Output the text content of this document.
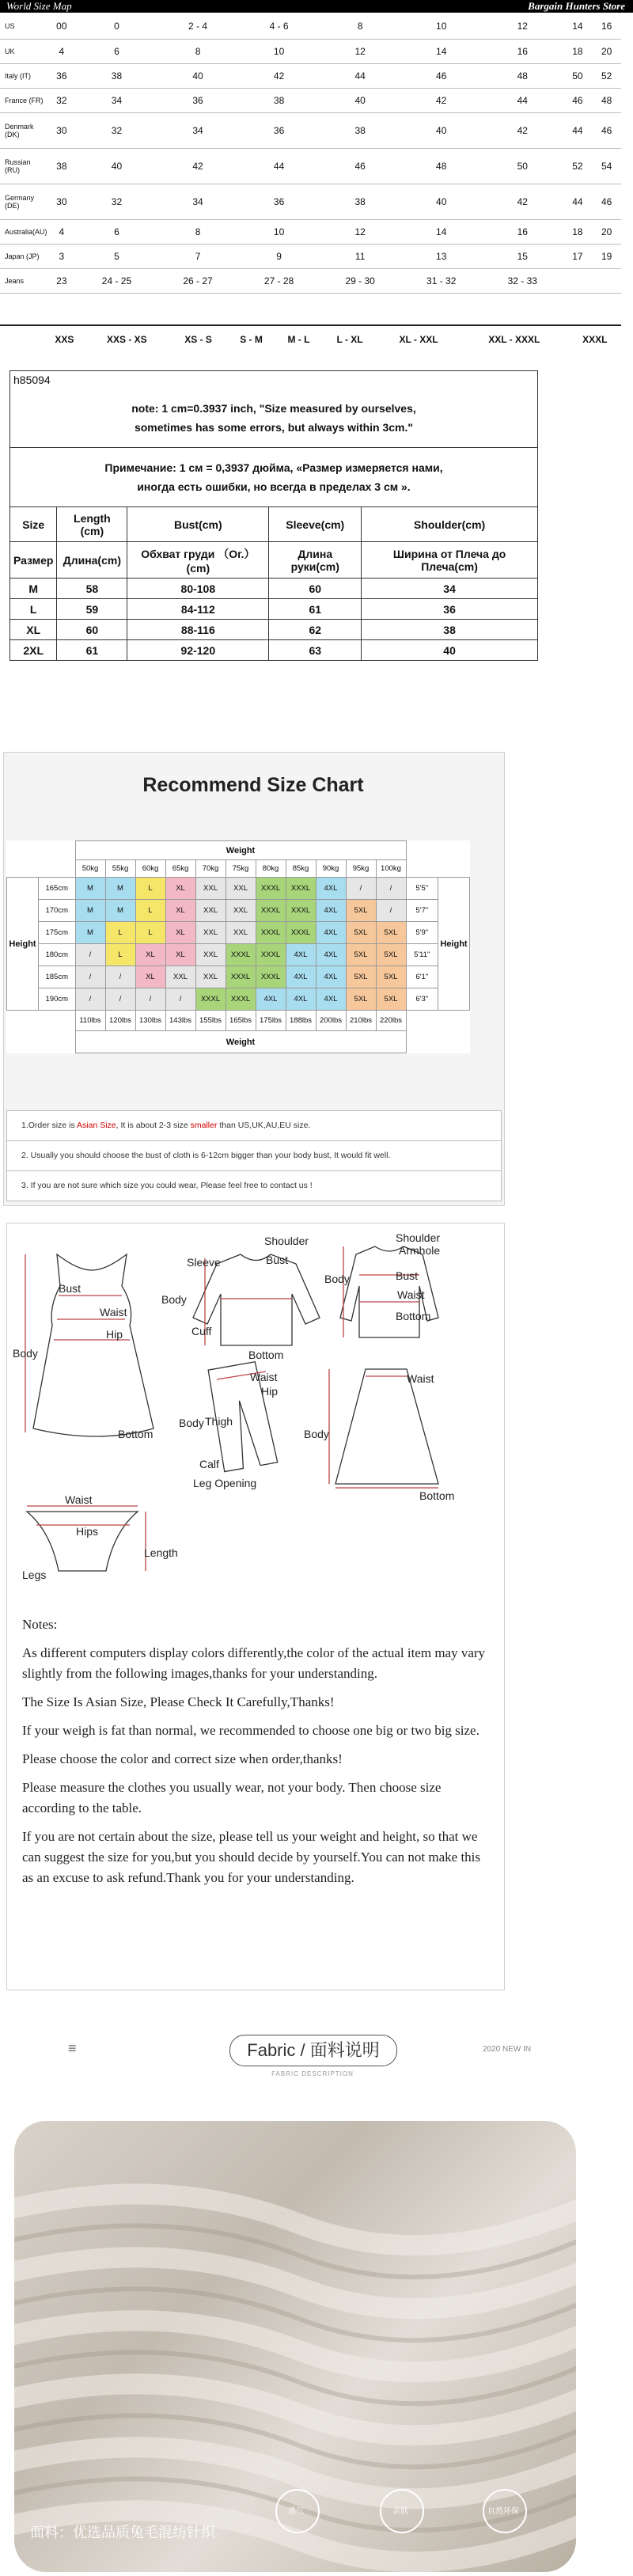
World Size Map	Bargain Hunters Store
US	00	0	2 - 4	4 - 6	8	10	12	14	16
UK	4	6	8	10	12	14	16	18	20
Italy (IT)	36	38	40	42	44	46	48	50	52
France (FR)	32	34	36	38	40	42	44	46	48
Denmark (DK)	30	32	34	36	38	40	42	44	46
Russian (RU)	38	40	42	44	46	48	50	52	54
Germany (DE)	30	32	34	36	38	40	42	44	46
Australia(AU)	4	6	8	10	12	14	16	18	20
Japan (JP)	3	5	7	9	11	13	15	17	19
Jeans	23	24 - 25	26 - 27	27 - 28	29 - 30	31 - 32	32 - 33		
	XXS	XXS - XS	XS - S	S - M	M - L	L - XL	XL - XXL	XXL - XXXL	XXXL
h85094				

note: 1 cm=0.3937 inch, "Size measured by ourselves,
sometimes has some errors, but always within 3cm."				

Примечание: 1 см = 0,3937 дюйма, «Размер измеряется нами,
иногда есть ошибки, но всегда в пределах 3 см ».				

Size	Length (cm)	Bust(cm)	Sleeve(cm)	Shoulder(cm)
Размер	Длина(cm)	Обхват груди （Ог.）(cm)	Длина руки(cm)	Ширина от Плеча до Плеча(cm)
M	58	80-108	60	34
L	59	84-112	61	36
XL	60	88-116	62	38
2XL	61	92-120	63	40
Recommend Size Chart
		Weight												
		50kg	55kg	60kg	65kg	70kg	75kg	80kg	85kg	90kg	95kg	100kg		
Height	165cm	M	M	L	XL	XXL	XXL	XXXL	XXXL	4XL	/	/	5'5"	Height
	170cm	M	M	L	XL	XXL	XXL	XXXL	XXXL	4XL	5XL	/	5'7"	
	175cm	M	L	L	XL	XXL	XXL	XXXL	XXXL	4XL	5XL	5XL	5'9"	
	180cm	/	L	XL	XL	XXL	XXXL	XXXL	4XL	4XL	5XL	5XL	5'11"	
	185cm	/	/	XL	XXL	XXL	XXXL	XXXL	4XL	4XL	5XL	5XL	6'1"	
	190cm	/	/	/	/	XXXL	XXXL	4XL	4XL	4XL	5XL	5XL	6'3"	
		110lbs	120lbs	130lbs	143lbs	155lbs	165lbs	175lbs	188lbs	200lbs	210lbs	220lbs		
		Weight												
1.Order size is Asian Size, It is about 2-3 size smaller than US,UK,AU,EU size.
2. Usually you should choose the bust of cloth is 6-12cm bigger than your body bust, It would fit well.
3. If you are not sure which size you could wear, Please feel free to contact us !
Bust
Waist
Hip
Body
Bottom
Shoulder
Sleeve	Bust
Body
Cuff
Bottom
Shoulder
Armhole
Bust
Body
Waist
Bottom
Waist
Hip
Body Thigh
Calf
Leg Opening
Waist
Body
Bottom
Waist
Hips
Length
Legs

Notes:

As different computers display colors differently,the color of the actual item may vary slightly from the following images,thanks for your understanding.

The Size Is Asian Size, Please Check It Carefully,Thanks!

If your weigh is fat than normal, we recommended to choose one big or two big size.

Please choose the color and correct size when order,thanks!

Please measure the clothes you usually wear, not your body. Then choose size according to the table.

If you are not certain about the size, please tell us your weight and height, so that we can suggest the size for you,but you should decide by yourself.You can not make this as an excuse to ask refund.Thank you for your understanding.

≡	Fabric / 面料说明
FABRIC DESCRIPTION
2020 NEW IN
透气	亲肤	自然环保
面料：优选品质兔毛混纺针织
